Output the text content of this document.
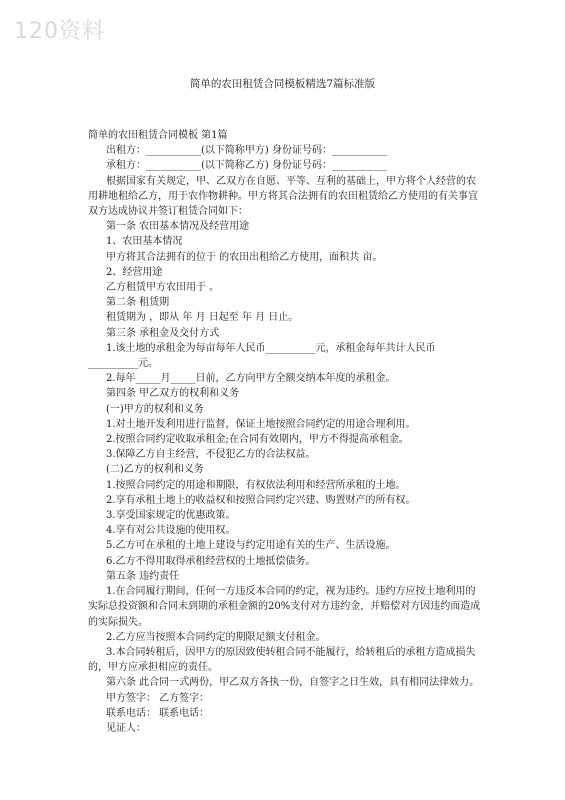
120资料
简单的农田租赁合同模板精选7篇标准版

简单的农田租赁合同模板 第1篇

出租方：___________(以下简称甲方) 身份证号码：___________

承租方：___________(以下简称乙方) 身份证号码：___________

根据国家有关规定，甲、乙双方在自愿、平等、互利的基础上，甲方将个人经营的农用耕地租给乙方，用于农作物耕种。甲方将其合法拥有的农田租赁给乙方使用的有关事宜双方达成协议并签订租赁合同如下：

第一条 农田基本情况及经营用途

1、农田基本情况

甲方将其合法拥有的位于 的农田出租给乙方使用，面积共 亩。

2、经营用途

乙方租赁甲方农田用于 。

第二条 租赁期

租赁期为 ，即从 年 月 日起至 年 月 日止。

第三条 承租金及交付方式

1.该土地的承租金为每亩每年人民币__________元，承租金每年共计人民币__________元。

2.每年_____月_____日前，乙方向甲方全额交纳本年度的承租金。

第四条 甲乙双方的权利和义务

(一)甲方的权利和义务

1.对土地开发利用进行监督，保证土地按照合同约定的用途合理利用。

2.按照合同约定收取承租金;在合同有效期内，甲方不得提高承租金。

3.保障乙方自主经营，不侵犯乙方的合法权益。

(二)乙方的权利和义务

1.按照合同约定的用途和期限，有权依法利用和经营所承租的土地。

2.享有承租土地上的收益权和按照合同约定兴建、购置财产的所有权。

3.享受国家规定的优惠政策。

4.享有对公共设施的使用权。

5.乙方可在承租的土地上建设与约定用途有关的生产、生活设施。

6.乙方不得用取得承租经营权的土地抵偿债务。

第五条 违约责任

1.在合同履行期间，任何一方违反本合同的约定，视为违约。违约方应按土地利用的实际总投资额和合同未到期的承租金额的20%支付对方违约金，并赔偿对方因违约而造成的实际损失。

2.乙方应当按照本合同约定的期限足额支付租金。

3.本合同转租后，因甲方的原因致使转租合同不能履行，给转租后的承租方造成损失的，甲方应承担相应的责任。

第六条 此合同一式两份，甲乙双方各执一份，自签字之日生效，具有相同法律效力。

甲方签字： 乙方签字：

联系电话： 联系电话：

见证人：
